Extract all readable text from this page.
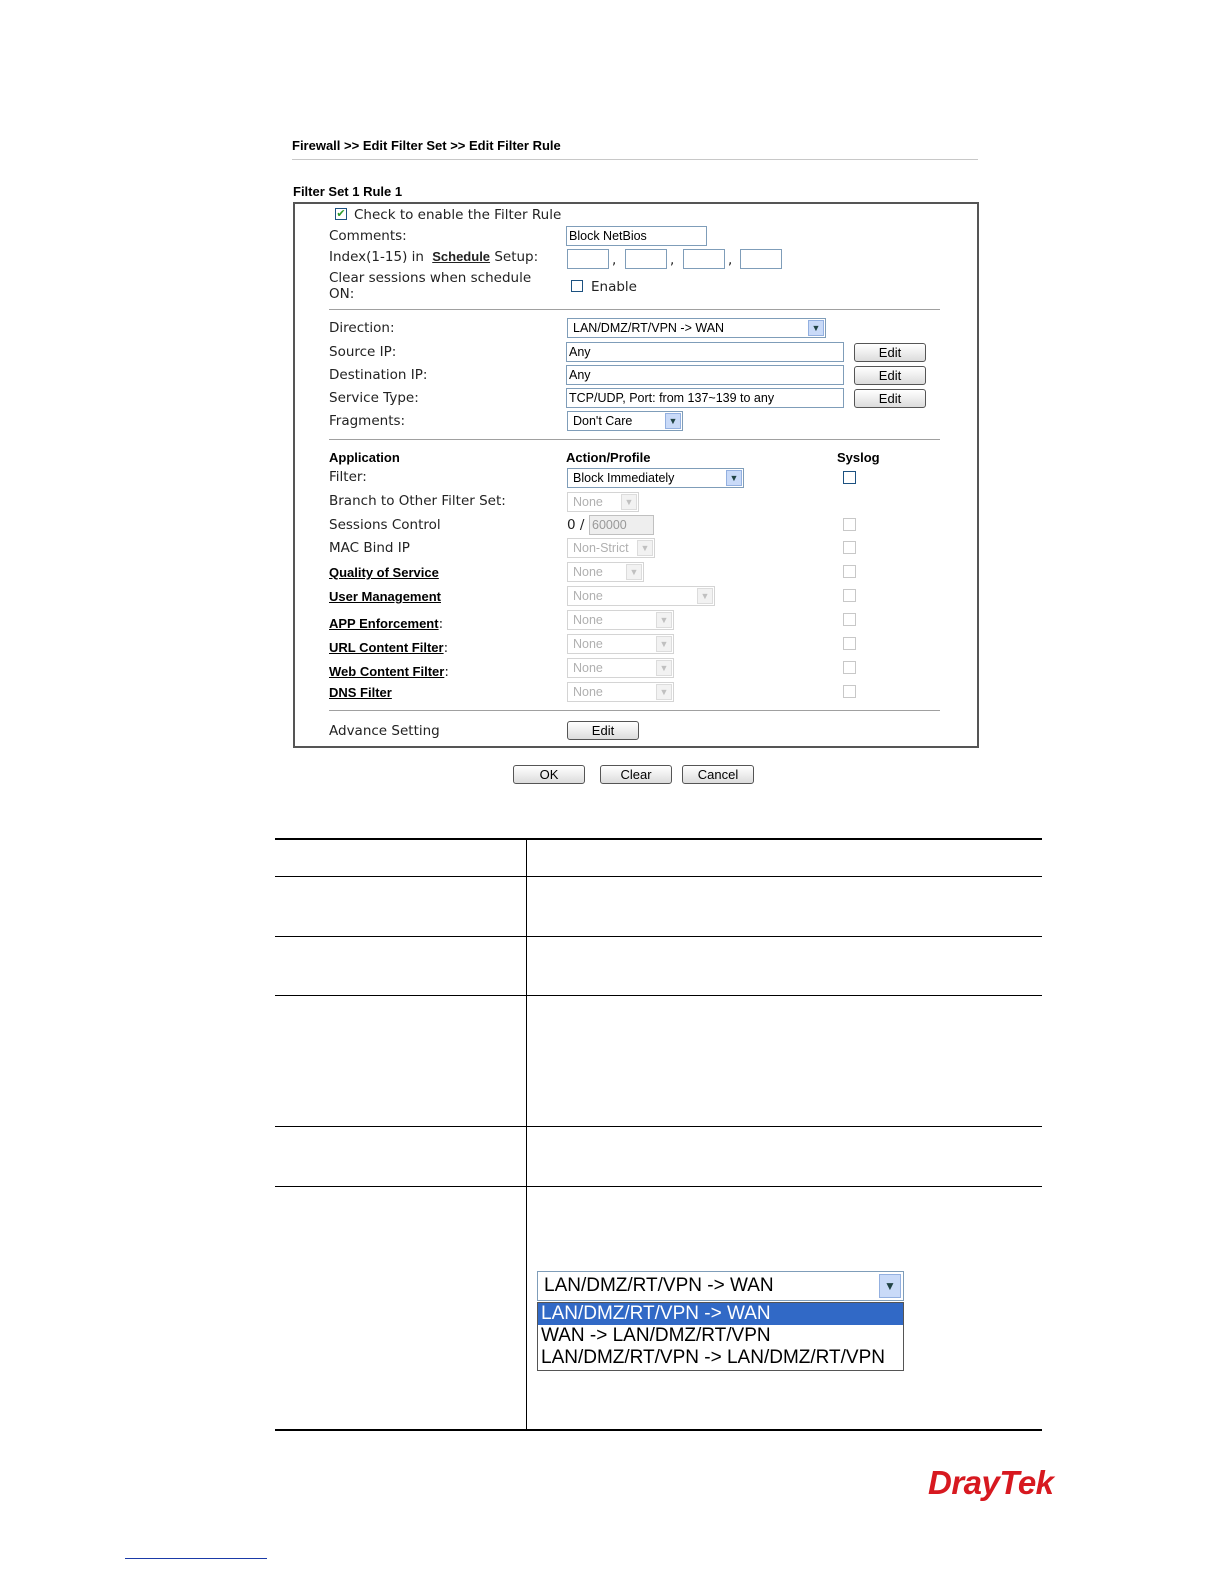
Firewall >> Edit Filter Set >> Edit Filter Rule
Filter Set 1 Rule 1
✔ Check to enable the Filter Rule
Comments:	Block NetBios
Index(1-15) in Schedule Setup:	,	,	,
Clear sessions when schedule
ON:	Enable
Direction:	LAN/DMZ/RT/VPN -> WAN	▼
Source IP:	Any	Edit
Destination IP:	Any	Edit
Service Type:	TCP/UDP, Port: from 137~139 to any	Edit
Fragments:	Don't Care	▼
Application	Action/Profile	Syslog
Filter:	Block Immediately	▼
Branch to Other Filter Set:	None	▼
Sessions Control	0 / 60000
MAC Bind IP	Non-Strict	▼
Quality of Service	None	▼
User Management	None	▼
APP Enforcement:	None	▼
URL Content Filter:	None	▼
Web Content Filter:	None	▼
DNS Filter	None	▼
Advance Setting	Edit
OK	Clear	Cancel
LAN/DMZ/RT/VPN -> WAN	▼
LAN/DMZ/RT/VPN -> WAN
WAN -> LAN/DMZ/RT/VPN
LAN/DMZ/RT/VPN -> LAN/DMZ/RT/VPN
DrayTek
